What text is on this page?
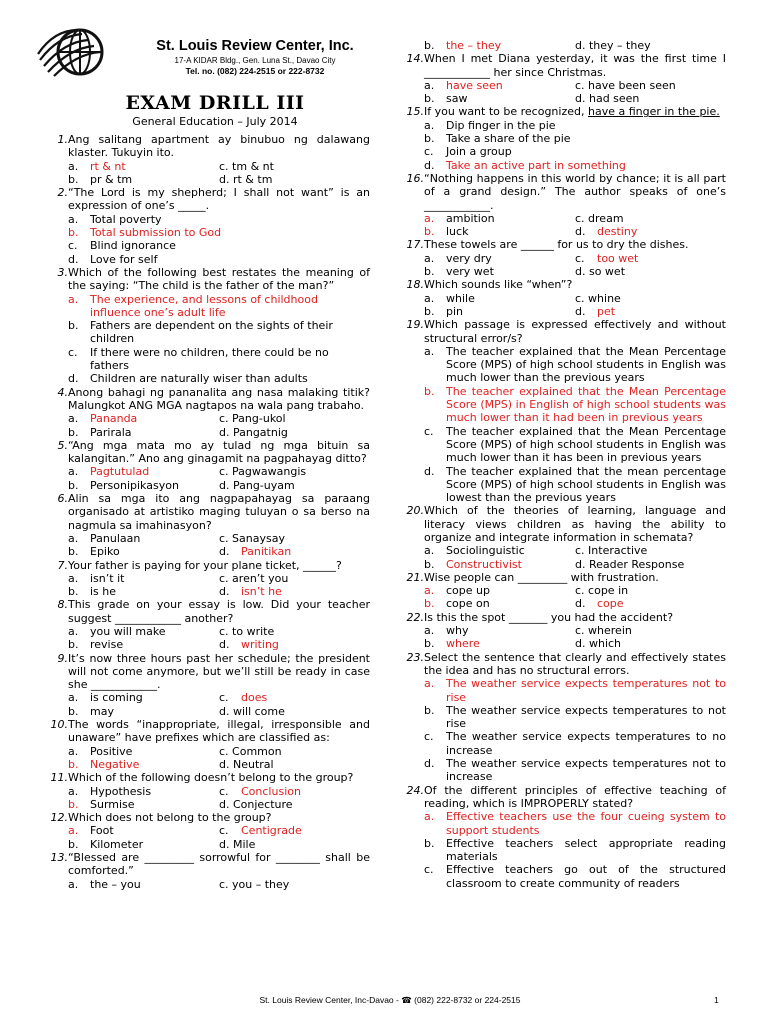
St. Louis Review Center, Inc.
17-A KIDAR Bldg., Gen. Luna St., Davao City
Tel. no. (082) 224-2515 or 222-8732
EXAM DRILL III
General Education – July 2014
1. Ang salitang apartment ay binubuo ng dalawang klaster. Tukuyin ito.
a.	rt & nt	c. tm & nt
b.	pr & tm	d. rt & tm
2. “The Lord is my shepherd; I shall not want” is an expression of one’s _____.
a.	Total poverty
b.	Total submission to God
c.	Blind ignorance
d.	Love for self
3. Which of the following best restates the meaning of the saying: “The child is the father of the man?”
a.	The experience, and lessons of childhood influence one’s adult life
b.	Fathers are dependent on the sights of their children
c.	If there were no children, there could be no fathers
d.	Children are naturally wiser than adults
4. Anong bahagi ng pananalita ang nasa malaking titik? Malungkot ANG MGA nagtapos na wala pang trabaho.
a.	Pananda	c. Pang-ukol
b.	Parirala	d. Pangatnig
5. “Ang mga mata mo ay tulad ng mga bituin sa kalangitan.” Ano ang ginagamit na pagpahayag ditto?
a.	Pagtutulad	c. Pagwawangis
b.	Personipikasyon	d. Pang-uyam
6. Alin sa mga ito ang nagpapahayag sa paraang organisado at artistiko maging tuluyan o sa berso na nagmula sa imahinasyon?
a.	Panulaan	c. Sanaysay
b.	Epiko	d.	Panitikan
7. Your father is paying for your plane ticket, ______?
a.	isn’t it	c. aren’t you
b.	is he	d.	isn’t he
8. This grade on your essay is low. Did your teacher suggest ____________ another?
a.	you will make	c. to write
b.	revise	d.	writing
9. It’s now three hours past her schedule; the president will not come anymore, but we’ll still be ready in case she ____________.
a.	is coming	c.	does
b.	may	d. will come
10. The words “inappropriate, illegal, irresponsible and unaware” have prefixes which are classified as:
a.	Positive	c. Common
b.	Negative	d. Neutral
11. Which of the following doesn’t belong to the group?
a.	Hypothesis	c.	Conclusion
b.	Surmise	d. Conjecture
12. Which does not belong to the group?
a.	Foot	c.	Centigrade
b.	Kilometer	d. Mile
13. “Blessed are _________ sorrowful for ________ shall be comforted.”
a.	the – you	c. you – they
b.	the – they	d. they – they
14. When I met Diana yesterday, it was the first time I ____________ her since Christmas.
a.	have seen	c. have been seen
b.	saw	d. had seen
15. If you want to be recognized, have a finger in the pie.
a.	Dip finger in the pie
b.	Take a share of the pie
c.	Join a group
d.	Take an active part in something
16. “Nothing happens in this world by chance; it is all part of a grand design.” The author speaks of one’s ____________.
a.	ambition	c. dream
b.	luck	d.	destiny
17. These towels are ______ for us to dry the dishes.
a.	very dry	c.	too wet
b.	very wet	d. so wet
18. Which sounds like “when”?
a.	while	c. whine
b.	pin	d.	pet
19. Which passage is expressed effectively and without structural error/s?
a.	The teacher explained that the Mean Percentage Score (MPS) of high school students in English was much lower than the previous years
b.	The teacher explained that the Mean Percentage Score (MPS) in English of high school students was much lower than it had been in previous years
c.	The teacher explained that the Mean Percentage Score (MPS) of high school students in English was much lower than it has been in previous years
d.	The teacher explained that the mean percentage Score (MPS) of high school students in English was lowest than the previous years
20. Which of the theories of learning, language and literacy views children as having the ability to organize and integrate information in schemata?
a.	Sociolinguistic	c. Interactive
b.	Constructivist	d. Reader Response
21. Wise people can _________ with frustration.
a.	cope up	c. cope in
b.	cope on	d.	cope
22. Is this the spot _______ you had the accident?
a.	why	c. wherein
b.	where	d. which
23. Select the sentence that clearly and effectively states the idea and has no structural errors.
a.	The weather service expects temperatures not to rise
b.	The weather service expects temperatures to not rise
c.	The weather service expects temperatures to no increase
d.	The weather service expects temperatures not to increase
24. Of the different principles of effective teaching of reading, which is IMPROPERLY stated?
a.	Effective teachers use the four cueing system to support students
b.	Effective teachers select appropriate reading materials
c.	Effective teachers go out of the structured classroom to create community of readers
St. Louis Review Center, Inc-Davao - ☎ (082) 222-8732 or 224-2515	1
